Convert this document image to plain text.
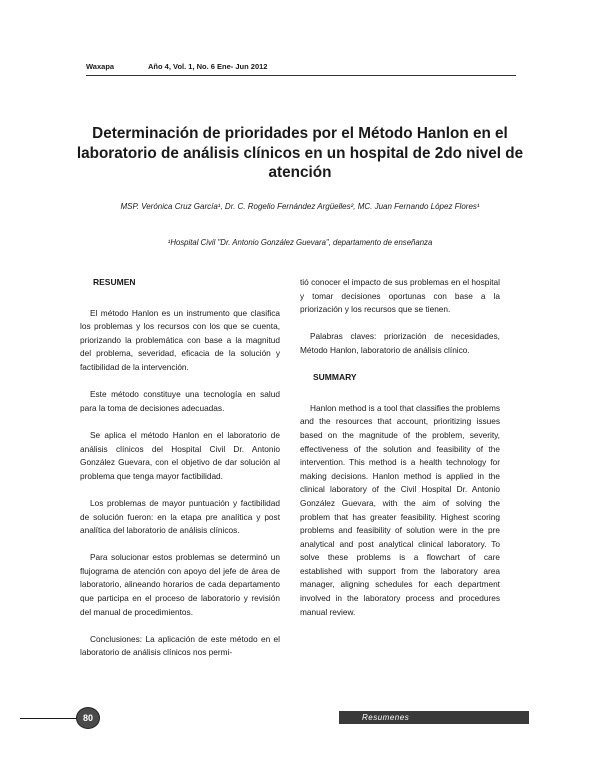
Waxapa	Año 4, Vol. 1, No. 6 Ene- Jun 2012
Determinación de prioridades por el Método Hanlon en el laboratorio de análisis clínicos en un hospital de 2do nivel de atención
MSP. Verónica Cruz García¹, Dr. C. Rogelio Fernández Argüelles², MC. Juan Fernando López Flores¹
¹Hospital Civil "Dr. Antonio González Guevara", departamento de enseñanza
RESUMEN

El método Hanlon es un instrumento que clasifica los problemas y los recursos con los que se cuenta, priorizando la problemática con base a la magnitud del problema, severidad, eficacia de la solución y factibilidad de la intervención.

Este método constituye una tecnología en salud para la toma de decisiones adecuadas.

Se aplica el método Hanlon en el laboratorio de análisis clínicos del Hospital Civil Dr. Antonio González Guevara, con el objetivo de dar solución al problema que tenga mayor factibilidad.

Los problemas de mayor puntuación y factibilidad de solución fueron: en la etapa pre analítica y post analítica del laboratorio de análisis clínicos.

Para solucionar estos problemas se determinó un flujograma de atención con apoyo del jefe de área de laboratorio, alineando horarios de cada departamento que participa en el proceso de laboratorio y revisión del manual de procedimientos.

Conclusiones: La aplicación de este método en el laboratorio de análisis clínicos nos permi-

tió conocer el impacto de sus problemas en el hospital y tomar decisiones oportunas con base a la priorización y los recursos que se tienen.

Palabras claves: priorización de necesidades, Método Hanlon, laboratorio de análisis clínico.

SUMMARY

Hanlon method is a tool that classifies the problems and the resources that account, prioritizing issues based on the magnitude of the problem, severity, effectiveness of the solution and feasibility of the intervention. This method is a health technology for making decisions. Hanlon method is applied in the clinical laboratory of the Civil Hospital Dr. Antonio González Guevara, with the aim of solving the problem that has greater feasibility. Highest scoring problems and feasibility of solution were in the pre analytical and post analytical clinical laboratory. To solve these problems is a flowchart of care established with support from the laboratory area manager, aligning schedules for each department involved in the laboratory process and procedures manual review.

80	Resumenes
